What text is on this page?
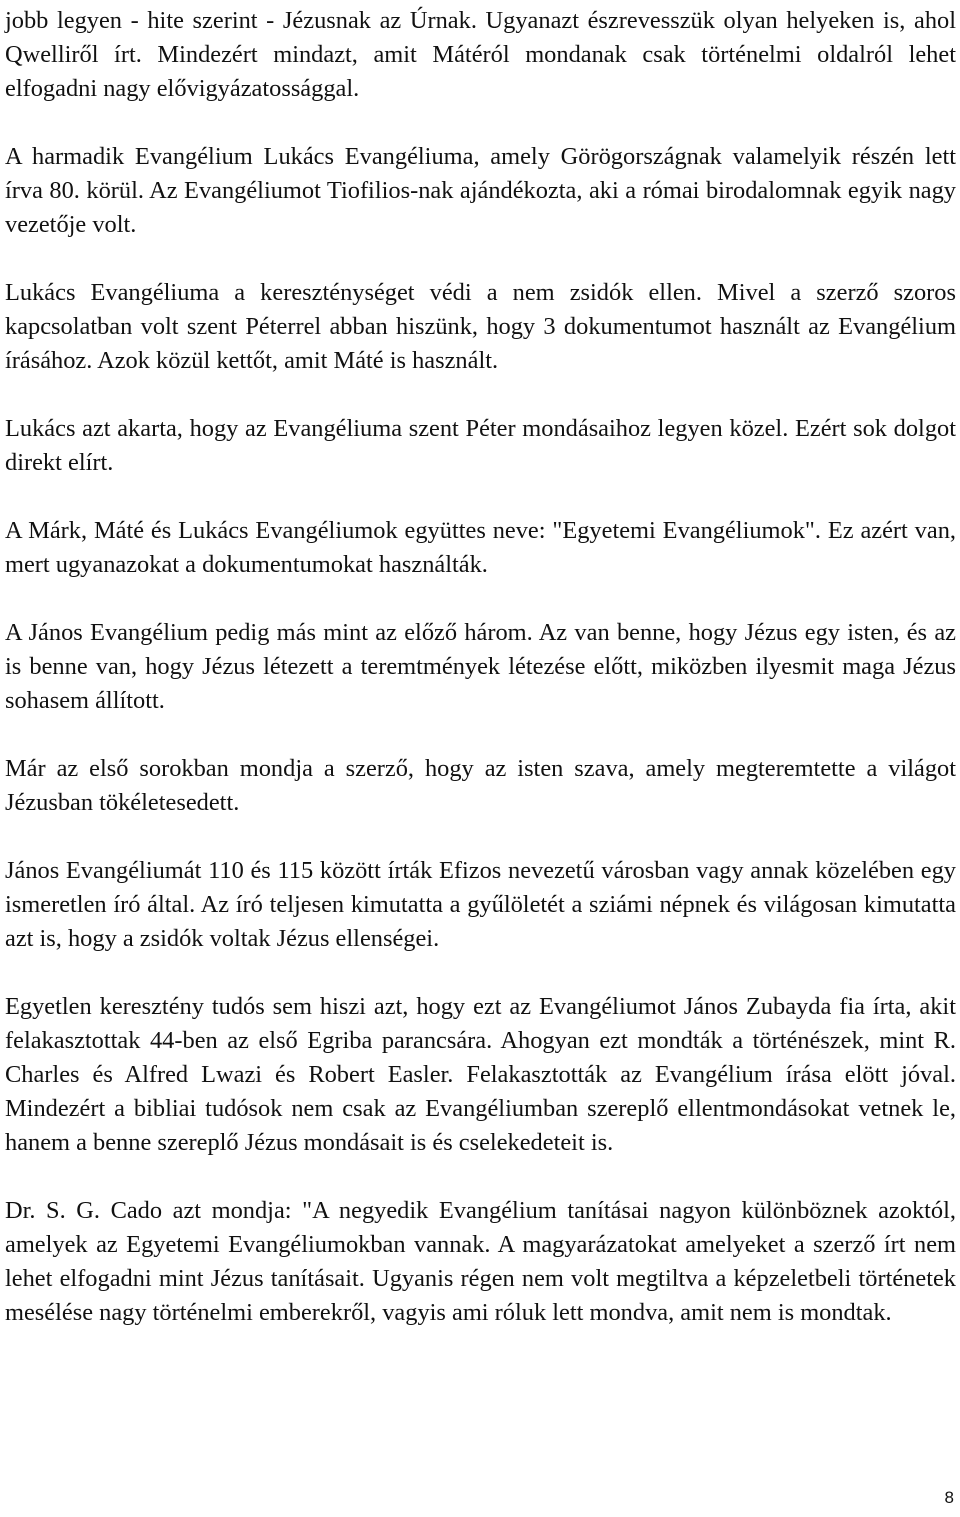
jobb legyen - hite szerint - Jézusnak az Úrnak. Ugyanazt észrevesszük olyan helyeken is, ahol Qwelliről írt. Mindezért mindazt, amit Mátéról mondanak csak történelmi oldalról lehet elfogadni nagy elővigyázatossággal.

A harmadik Evangélium Lukács Evangéliuma, amely Görögországnak valamelyik részén lett írva 80. körül. Az Evangéliumot Tiofilios-nak ajándékozta, aki a római birodalomnak egyik nagy vezetője volt.

Lukács Evangéliuma a kereszténységet védi a nem zsidók ellen. Mivel a szerző szoros kapcsolatban volt szent Péterrel abban hiszünk, hogy 3 dokumentumot használt az Evangélium írásához. Azok közül kettőt, amit Máté is használt.

Lukács azt akarta, hogy az Evangéliuma szent Péter mondásaihoz legyen közel. Ezért sok dolgot direkt elírt.

A Márk, Máté és Lukács Evangéliumok együttes neve: "Egyetemi Evangéliumok". Ez azért van, mert ugyanazokat a dokumentumokat használták.

A János Evangélium pedig más mint az előző három. Az van benne, hogy Jézus egy isten, és az is benne van, hogy Jézus létezett a teremtmények létezése előtt, miközben ilyesmit maga Jézus sohasem állított.

Már az első sorokban mondja a szerző, hogy az isten szava, amely megteremtette a világot Jézusban tökéletesedett.

János Evangéliumát 110 és 115 között írták Efizos nevezetű városban vagy annak közelében egy ismeretlen író által. Az író teljesen kimutatta a gyűlöletét a sziámi népnek és világosan kimutatta azt is, hogy a zsidók voltak Jézus ellenségei.

Egyetlen keresztény tudós sem hiszi azt, hogy ezt az Evangéliumot János Zubayda fia írta, akit felakasztottak 44-ben az első Egriba parancsára. Ahogyan ezt mondták a történészek, mint R. Charles és Alfred Lwazi és Robert Easler. Felakasztották az Evangélium írása elött jóval. Mindezért a bibliai tudósok nem csak az Evangéliumban szereplő ellentmondásokat vetnek le, hanem a benne szereplő Jézus mondásait is és cselekedeteit is.

Dr. S. G. Cado azt mondja: "A negyedik Evangélium tanításai nagyon különböznek azoktól, amelyek az Egyetemi Evangéliumokban vannak. A magyarázatokat amelyeket a szerző írt nem lehet elfogadni mint Jézus tanításait. Ugyanis régen nem volt megtiltva a képzeletbeli történetek mesélése nagy történelmi emberekről, vagyis ami róluk lett mondva, amit nem is mondtak.

8
